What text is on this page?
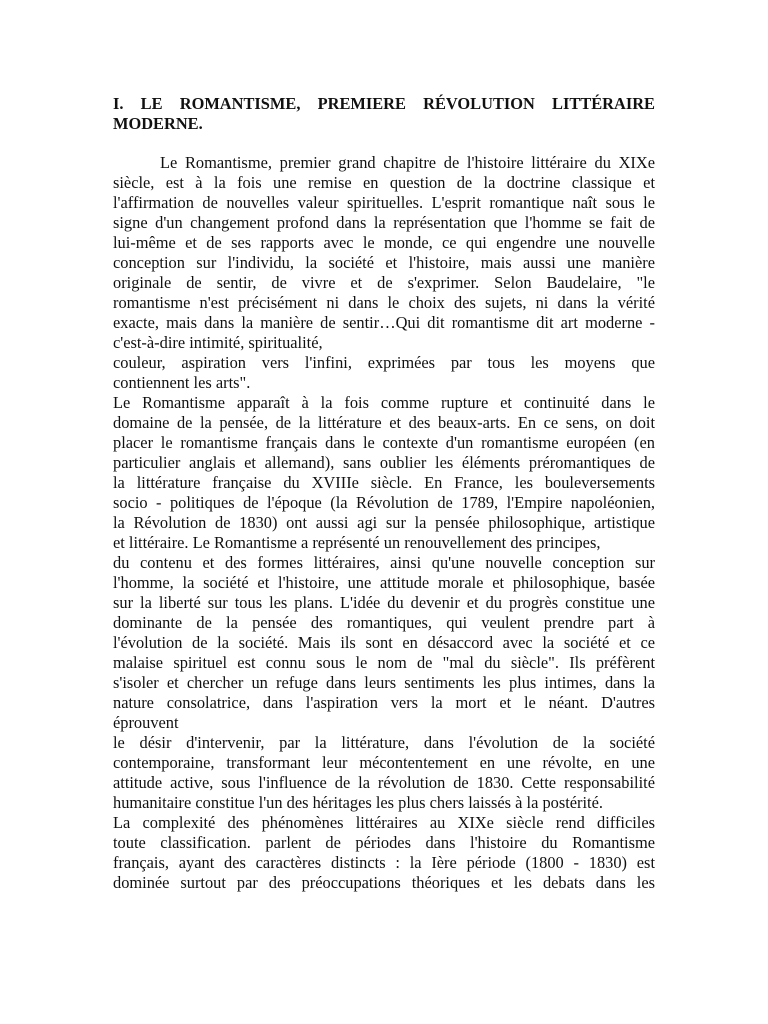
I. LE ROMANTISME, PREMIERE RÉVOLUTION LITTÉRAIRE

MODERNE.

Le Romantisme, premier grand chapitre de l'histoire littéraire du XIXe

siècle, est à la fois une remise en question de la doctrine classique et

l'affirmation de nouvelles valeur spirituelles. L'esprit romantique naît sous le

signe d'un changement profond dans la représentation que l'homme se fait de

lui-même et de ses rapports avec le monde, ce qui engendre une nouvelle

conception sur l'individu, la société et l'histoire, mais aussi une manière

originale de sentir, de vivre et de s'exprimer. Selon Baudelaire, "le

romantisme n'est précisément ni dans le choix des sujets, ni dans la vérité

exacte, mais dans la manière de sentir…Qui dit romantisme dit art moderne -

c'est-à-dire intimité, spiritualité,

couleur, aspiration vers l'infini, exprimées par tous les moyens que

contiennent les arts".

Le Romantisme apparaît à la fois comme rupture et continuité dans le

domaine de la pensée, de la littérature et des beaux-arts. En ce sens, on doit

placer le romantisme français dans le contexte d'un romantisme européen (en

particulier anglais et allemand), sans oublier les éléments préromantiques de

la littérature française du XVIIIe siècle. En France, les bouleversements

socio - politiques de l'époque (la Révolution de 1789, l'Empire napoléonien,

la Révolution de 1830) ont aussi agi sur la pensée philosophique, artistique

et littéraire. Le Romantisme a représenté un renouvellement des principes,

du contenu et des formes littéraires, ainsi qu'une nouvelle conception sur

l'homme, la société et l'histoire, une attitude morale et philosophique, basée

sur la liberté sur tous les plans. L'idée du devenir et du progrès constitue une

dominante de la pensée des romantiques, qui veulent prendre part à

l'évolution de la société. Mais ils sont en désaccord avec la société et ce

malaise spirituel est connu sous le nom de "mal du siècle". Ils préfèrent

s'isoler et chercher un refuge dans leurs sentiments les plus intimes, dans la

nature consolatrice, dans l'aspiration vers la mort et le néant. D'autres

éprouvent

le désir d'intervenir, par la littérature, dans l'évolution de la société

contemporaine, transformant leur mécontentement en une révolte, en une

attitude active, sous l'influence de la révolution de 1830. Cette responsabilité

humanitaire constitue l'un des héritages les plus chers laissés à la postérité.

La complexité des phénomènes littéraires au XIXe siècle rend difficiles

toute classification. parlent de périodes dans l'histoire du Romantisme

français, ayant des caractères distincts : la Ière période (1800 - 1830) est

dominée surtout par des préoccupations théoriques et les debats dans les
